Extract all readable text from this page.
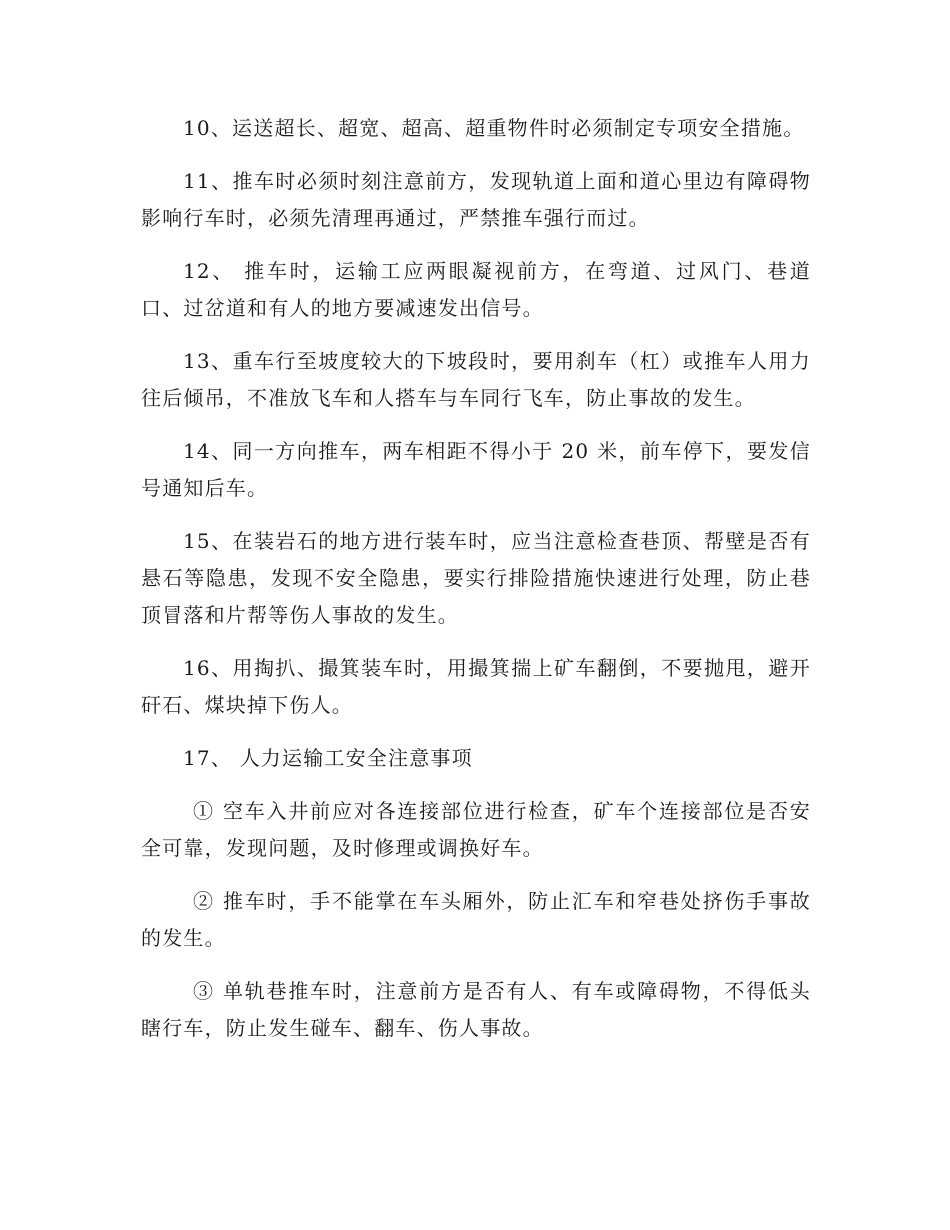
10、运送超长、超宽、超高、超重物件时必须制定专项安全措施。

11、推车时必须时刻注意前方，发现轨道上面和道心里边有障碍物影响行车时，必须先清理再通过，严禁推车强行而过。

12、 推车时，运输工应两眼凝视前方，在弯道、过风门、巷道口、过岔道和有人的地方要减速发出信号。

13、重车行至坡度较大的下坡段时，要用刹车（杠）或推车人用力往后倾吊，不准放飞车和人搭车与车同行飞车，防止事故的发生。

14、同一方向推车，两车相距不得小于 20 米，前车停下，要发信号通知后车。

15、在装岩石的地方进行装车时，应当注意检查巷顶、帮壁是否有悬石等隐患，发现不安全隐患，要实行排险措施快速进行处理，防止巷顶冒落和片帮等伤人事故的发生。

16、用掏扒、撮箕装车时，用撮箕揣上矿车翻倒，不要抛甩，避开矸石、煤块掉下伤人。

17、 人力运输工安全注意事项

① 空车入井前应对各连接部位进行检查，矿车个连接部位是否安全可靠，发现问题，及时修理或调换好车。

② 推车时，手不能掌在车头厢外，防止汇车和窄巷处挤伤手事故的发生。

③ 单轨巷推车时，注意前方是否有人、有车或障碍物，不得低头瞎行车，防止发生碰车、翻车、伤人事故。
